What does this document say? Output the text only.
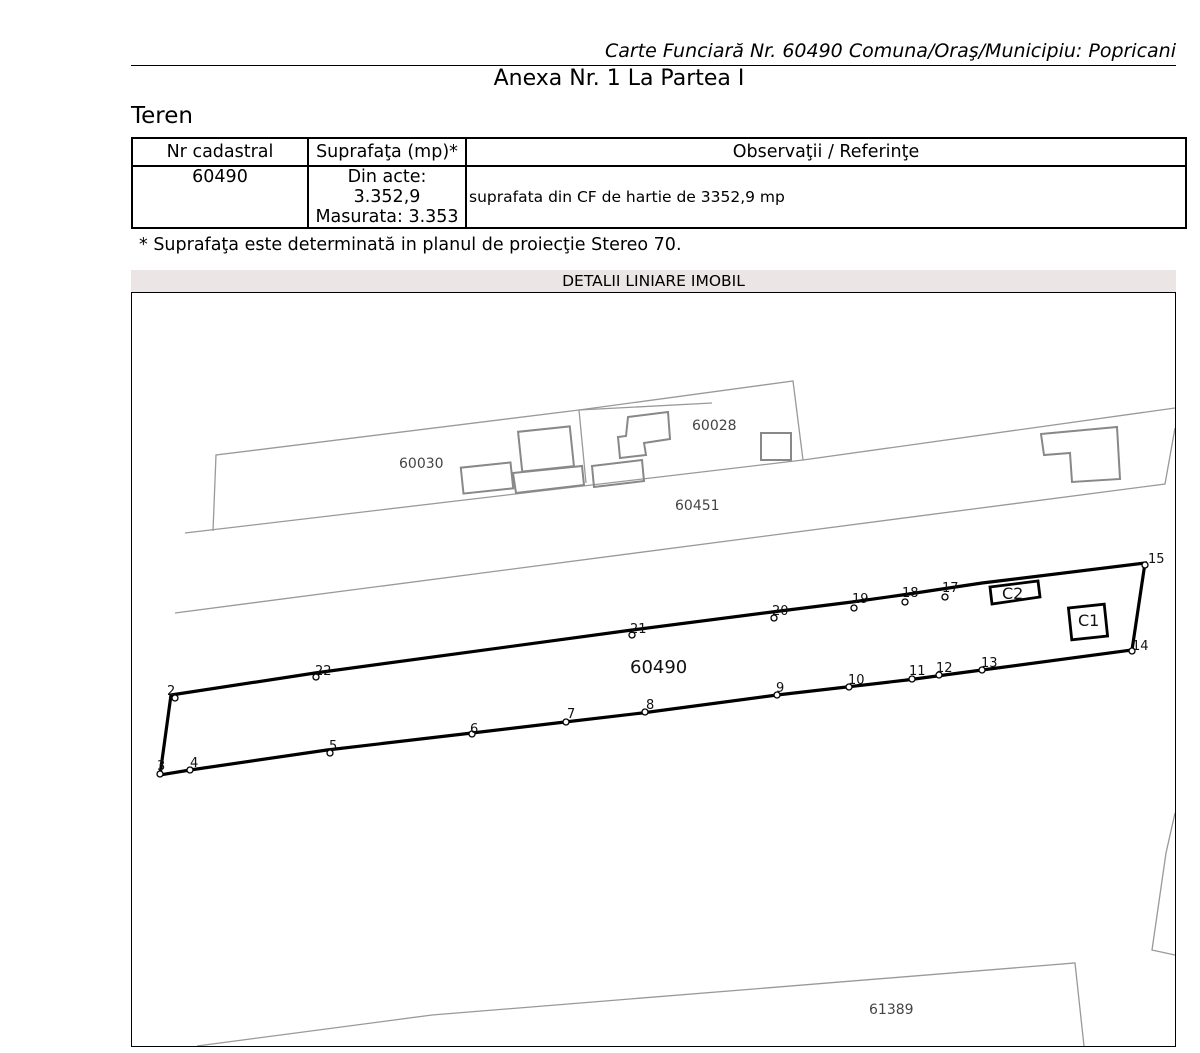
Carte Funciară Nr. 60490 Comuna/Oraş/Municipiu: Popricani
Anexa Nr. 1 La Partea I
Teren
Nr cadastral	Suprafaţa (mp)*	Observaţii / Referinţe
60490	Din acte:
3.352,9
Masurata: 3.353	suprafata din CF de hartie de 3352,9 mp
* Suprafaţa este determinată in planul de proiecţie Stereo 70.
DETALII LINIARE IMOBIL
60030
60028
60451
61389
60490
C2
C1
2
3 4
5
6
7
8
9
10
11 12 13
14
15
17
18
19
20
21
22
